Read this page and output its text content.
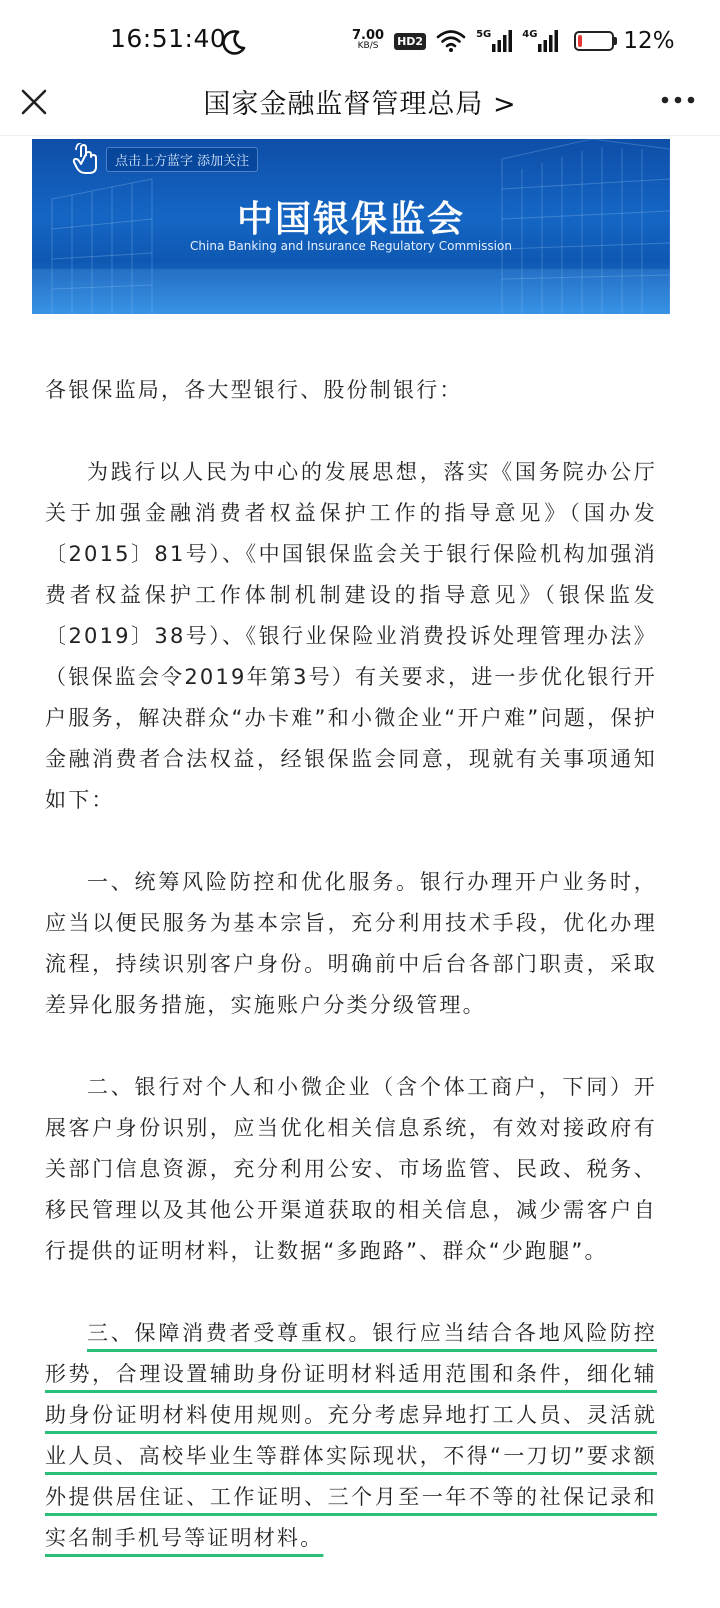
16:51:40	7.00
KB/S HD2	5G	4G	12%
国家金融监督管理总局 >
点击上方蓝字 添加关注
中国银保监会
China Banking and Insurance Regulatory Commission

各银保监局，各大型银行、股份制银行：

为践行以人民为中心的发展思想，落实《国务院办公厅关于加强金融消费者权益保护工作的指导意见》（国办发〔2015〕81号）、《中国银保监会关于银行保险机构加强消费者权益保护工作体制机制建设的指导意见》（银保监发〔2019〕38号）、《银行业保险业消费投诉处理管理办法》（银保监会令2019年第3号）有关要求，进一步优化银行开户服务，解决群众“办卡难”和小微企业“开户难”问题，保护金融消费者合法权益，经银保监会同意，现就有关事项通知如下：

一、统筹风险防控和优化服务。银行办理开户业务时，应当以便民服务为基本宗旨，充分利用技术手段，优化办理流程，持续识别客户身份。明确前中后台各部门职责，采取差异化服务措施，实施账户分类分级管理。

二、银行对个人和小微企业（含个体工商户，下同）开展客户身份识别，应当优化相关信息系统，有效对接政府有关部门信息资源，充分利用公安、市场监管、民政、税务、移民管理以及其他公开渠道获取的相关信息，减少需客户自行提供的证明材料，让数据“多跑路”、群众“少跑腿”。

三、保障消费者受尊重权。银行应当结合各地风险防控形势，合理设置辅助身份证明材料适用范围和条件，细化辅助身份证明材料使用规则。充分考虑异地打工人员、灵活就业人员、高校毕业生等群体实际现状，不得“一刀切”要求额外提供居住证、工作证明、三个月至一年不等的社保记录和实名制手机号等证明材料。
